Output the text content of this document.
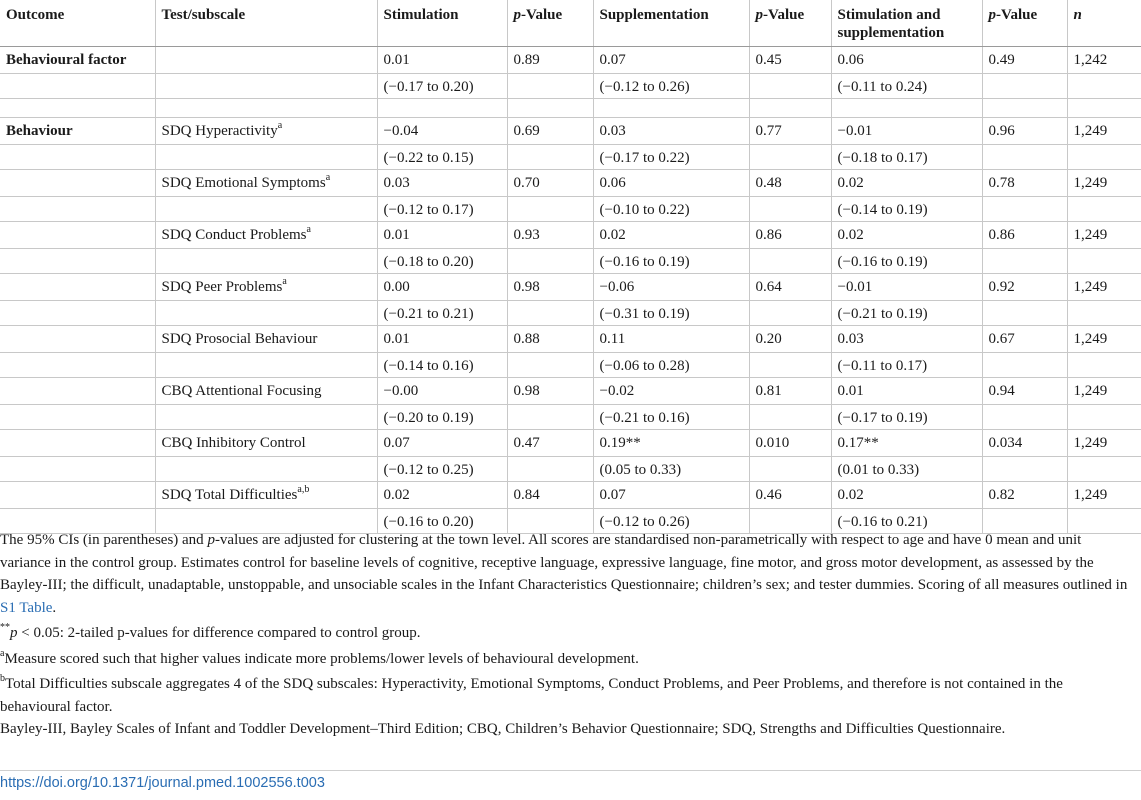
Outcome	Test/subscale	Stimulation	p-Value	Supplementation	p-Value	Stimulation and supplementation	p-Value	n
Behavioural factor		0.01	0.89	0.07	0.45	0.06	0.49	1,242
		(−0.17 to 0.20)		(−0.12 to 0.26)		(−0.11 to 0.24)		

Behaviour	SDQ Hyperactivity$^a$	−0.04	0.69	0.03	0.77	−0.01	0.96	1,249
		(−0.22 to 0.15)		(−0.17 to 0.22)		(−0.18 to 0.17)		
	SDQ Emotional Symptoms$^a$	0.03	0.70	0.06	0.48	0.02	0.78	1,249
		(−0.12 to 0.17)		(−0.10 to 0.22)		(−0.14 to 0.19)		
	SDQ Conduct Problems$^a$	0.01	0.93	0.02	0.86	0.02	0.86	1,249
		(−0.18 to 0.20)		(−0.16 to 0.19)		(−0.16 to 0.19)		
	SDQ Peer Problems$^a$	0.00	0.98	−0.06	0.64	−0.01	0.92	1,249
		(−0.21 to 0.21)		(−0.31 to 0.19)		(−0.21 to 0.19)		
	SDQ Prosocial Behaviour	0.01	0.88	0.11	0.20	0.03	0.67	1,249
		(−0.14 to 0.16)		(−0.06 to 0.28)		(−0.11 to 0.17)		
	CBQ Attentional Focusing	−0.00	0.98	−0.02	0.81	0.01	0.94	1,249
		(−0.20 to 0.19)		(−0.21 to 0.16)		(−0.17 to 0.19)		
	CBQ Inhibitory Control	0.07	0.47	0.19**	0.010	0.17**	0.034	1,249
		(−0.12 to 0.25)		(0.05 to 0.33)		(0.01 to 0.33)		
	SDQ Total Difficulties$^{a,b}$	0.02	0.84	0.07	0.46	0.02	0.82	1,249
		(−0.16 to 0.20)		(−0.12 to 0.26)		(−0.16 to 0.21)		

The 95% CIs (in parentheses) and p-values are adjusted for clustering at the town level. All scores are standardised non-parametrically with respect to age and have 0 mean and unit variance in the control group. Estimates control for baseline levels of cognitive, receptive language, expressive language, fine motor, and gross motor development, as assessed by the Bayley-III; the difficult, unadaptable, unstoppable, and unsociable scales in the Infant Characteristics Questionnaire; children’s sex; and tester dummies. Scoring of all measures outlined in S1 Table.

**p < 0.05: 2-tailed p-values for difference compared to control group.

$^a$Measure scored such that higher values indicate more problems/lower levels of behavioural development.

$^b$Total Difficulties subscale aggregates 4 of the SDQ subscales: Hyperactivity, Emotional Symptoms, Conduct Problems, and Peer Problems, and therefore is not contained in the behavioural factor.

Bayley-III, Bayley Scales of Infant and Toddler Development–Third Edition; CBQ, Children’s Behavior Questionnaire; SDQ, Strengths and Difficulties Questionnaire.

https://doi.org/10.1371/journal.pmed.1002556.t003
